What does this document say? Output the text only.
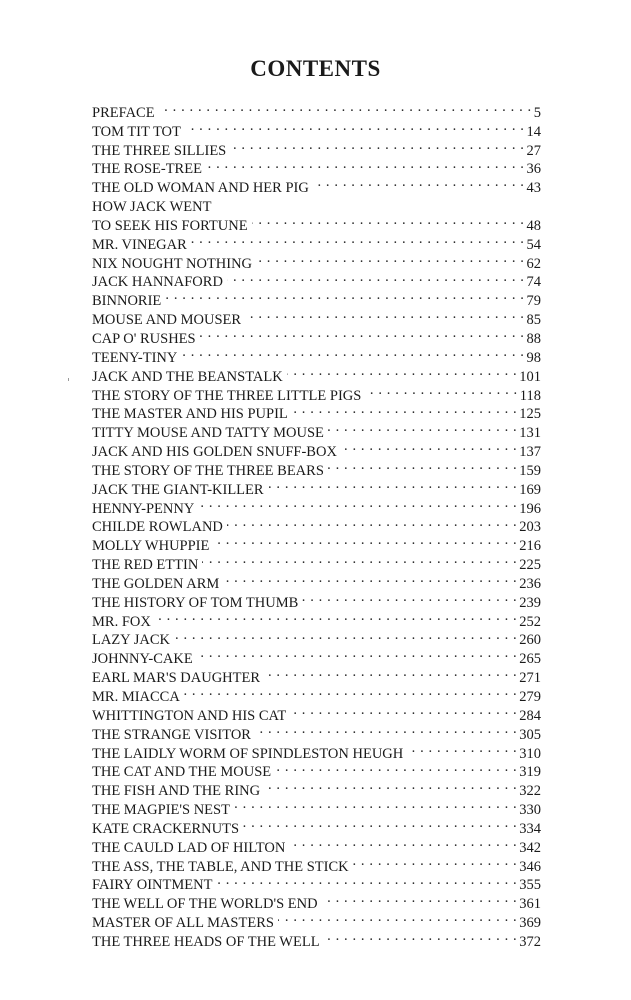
CONTENTS
PREFACE . . .	5
TOM TIT TOT . . .	14
THE THREE SILLIES . . .	27
THE ROSE-TREE . . .	36
THE OLD WOMAN AND HER PIG . . .	43
HOW JACK WENT
TO SEEK HIS FORTUNE . . .	48
MR. VINEGAR . . .	54
NIX NOUGHT NOTHING . . .	62
JACK HANNAFORD . . .	74
BINNORIE . . .	79
MOUSE AND MOUSER . . .	85
CAP O' RUSHES . . .	88
TEENY-TINY . . .	98
JACK AND THE BEANSTALK . . .	101
THE STORY OF THE THREE LITTLE PIGS . . .	118
THE MASTER AND HIS PUPIL . . .	125
TITTY MOUSE AND TATTY MOUSE . . .	131
JACK AND HIS GOLDEN SNUFF-BOX . . .	137
THE STORY OF THE THREE BEARS . . .	159
JACK THE GIANT-KILLER . . .	169
HENNY-PENNY . . .	196
CHILDE ROWLAND . . .	203
MOLLY WHUPPIE . . .	216
THE RED ETTIN . . .	225
THE GOLDEN ARM . . .	236
THE HISTORY OF TOM THUMB . . .	239
MR. FOX . . .	252
LAZY JACK . . .	260
JOHNNY-CAKE . . .	265
EARL MAR'S DAUGHTER . . .	271
MR. MIACCA . . .	279
WHITTINGTON AND HIS CAT . . .	284
THE STRANGE VISITOR . . .	305
THE LAIDLY WORM OF SPINDLESTON HEUGH . . .	310
THE CAT AND THE MOUSE . . .	319
THE FISH AND THE RING . . .	322
THE MAGPIE'S NEST . . .	330
KATE CRACKERNUTS . . .	334
THE CAULD LAD OF HILTON . . .	342
THE ASS, THE TABLE, AND THE STICK . . .	346
FAIRY OINTMENT . . .	355
THE WELL OF THE WORLD'S END . . .	361
MASTER OF ALL MASTERS . . .	369
THE THREE HEADS OF THE WELL . . .	372
